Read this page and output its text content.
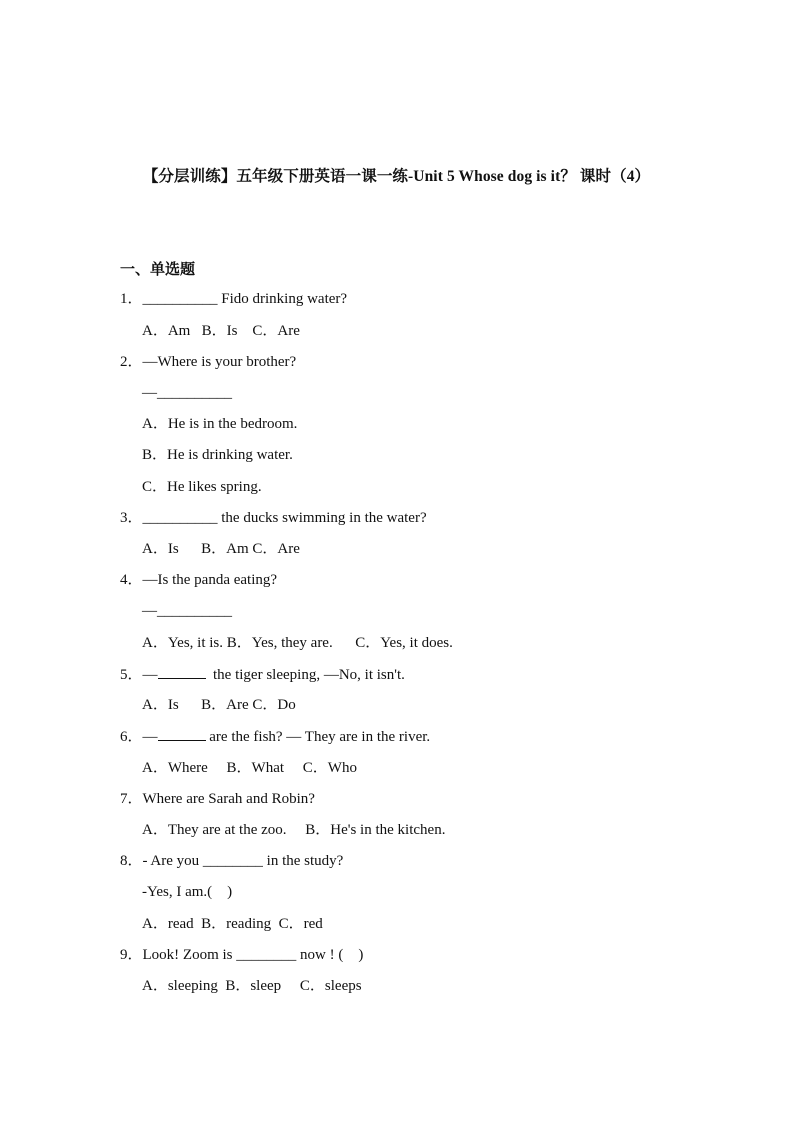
【分层训练】五年级下册英语一课一练-Unit 5 Whose dog is it？ 课时（4）
一、单选题
1．__________ Fido drinking water?
A．Am   B．Is    C．Are
2．—Where is your brother?
—__________
A．He is in the bedroom.
B．He is drinking water.
C．He likes spring.
3．__________ the ducks swimming in the water?
A．Is      B．Am C．Are
4．—Is the panda eating?
—__________
A．Yes, it is. B．Yes, they are.      C．Yes, it does.
5．—	the tiger sleeping, —No, it isn't.
A．Is      B．Are C．Do
6．—	are the fish? — They are in the river.
A．Where     B．What     C．Who
7．Where are Sarah and Robin?
A．They are at the zoo.     B．He's in the kitchen.
8．- Are you ________ in the study?
-Yes, I am.(    )
A．read  B．reading  C．red
9．Look! Zoom is ________ now ! (    )
A．sleeping  B．sleep     C．sleeps
